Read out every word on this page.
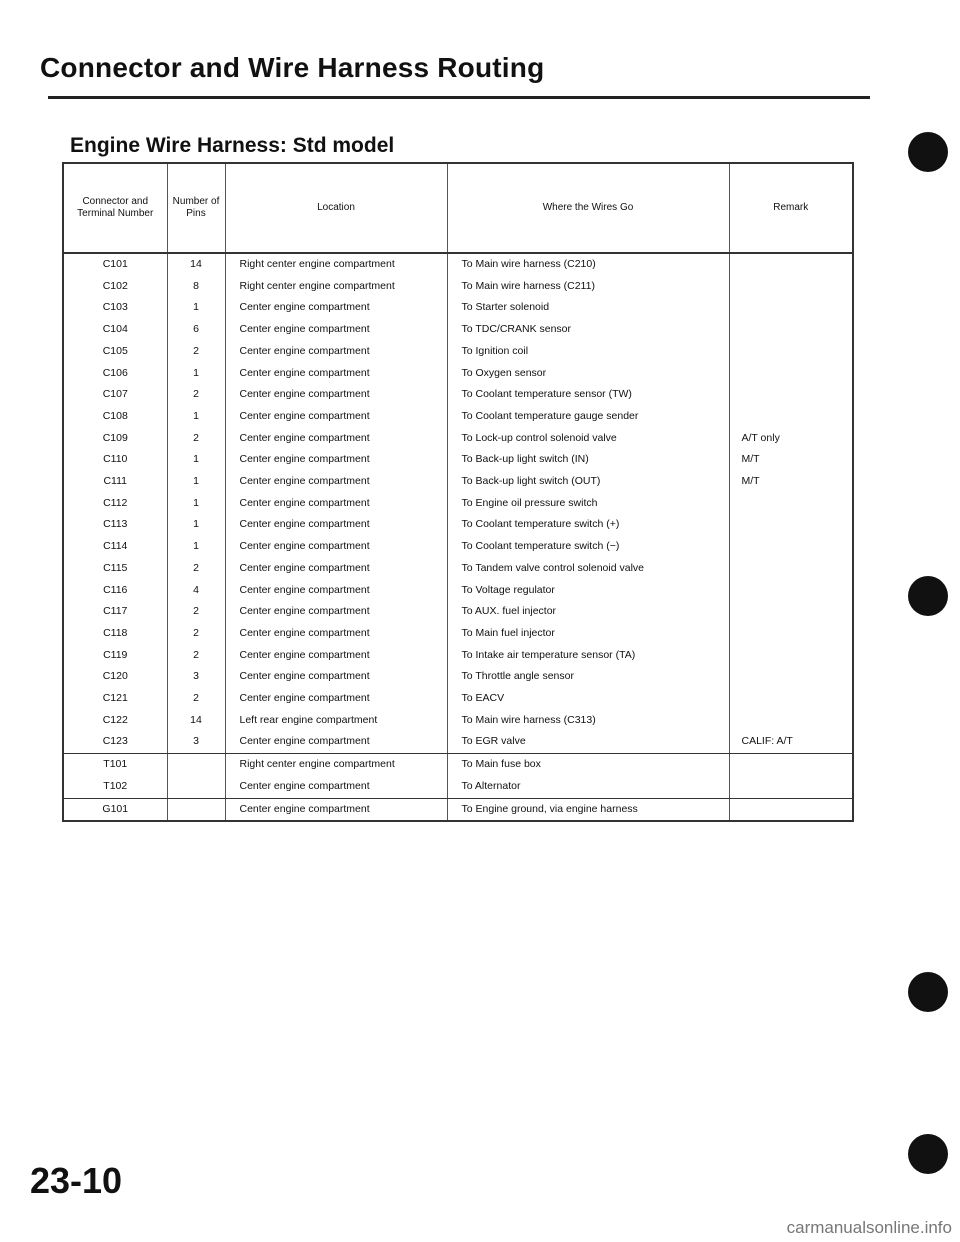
Connector and Wire Harness Routing
Engine Wire Harness: Std model
Connector and Terminal Number	Number of Pins	Location	Where the Wires Go	Remark
C101	14	Right center engine compartment	To Main wire harness (C210)	
C102	8	Right center engine compartment	To Main wire harness (C211)	
C103	1	Center engine compartment	To Starter solenoid	
C104	6	Center engine compartment	To TDC/CRANK sensor	
C105	2	Center engine compartment	To Ignition coil	
C106	1	Center engine compartment	To Oxygen sensor	
C107	2	Center engine compartment	To Coolant temperature sensor (TW)	
C108	1	Center engine compartment	To Coolant temperature gauge sender	
C109	2	Center engine compartment	To Lock-up control solenoid valve	A/T only
C110	1	Center engine compartment	To Back-up light switch (IN)	M/T
C111	1	Center engine compartment	To Back-up light switch (OUT)	M/T
C112	1	Center engine compartment	To Engine oil pressure switch	
C113	1	Center engine compartment	To Coolant temperature switch (+)	
C114	1	Center engine compartment	To Coolant temperature switch (−)	
C115	2	Center engine compartment	To Tandem valve control solenoid valve	
C116	4	Center engine compartment	To Voltage regulator	
C117	2	Center engine compartment	To AUX. fuel injector	
C118	2	Center engine compartment	To Main fuel injector	
C119	2	Center engine compartment	To Intake air temperature sensor (TA)	
C120	3	Center engine compartment	To Throttle angle sensor	
C121	2	Center engine compartment	To EACV	
C122	14	Left rear engine compartment	To Main wire harness (C313)	
C123	3	Center engine compartment	To EGR valve	CALIF: A/T
T101		Right center engine compartment	To Main fuse box	
T102		Center engine compartment	To Alternator	
G101		Center engine compartment	To Engine ground, via engine harness	
23-10
carmanualsonline.info
